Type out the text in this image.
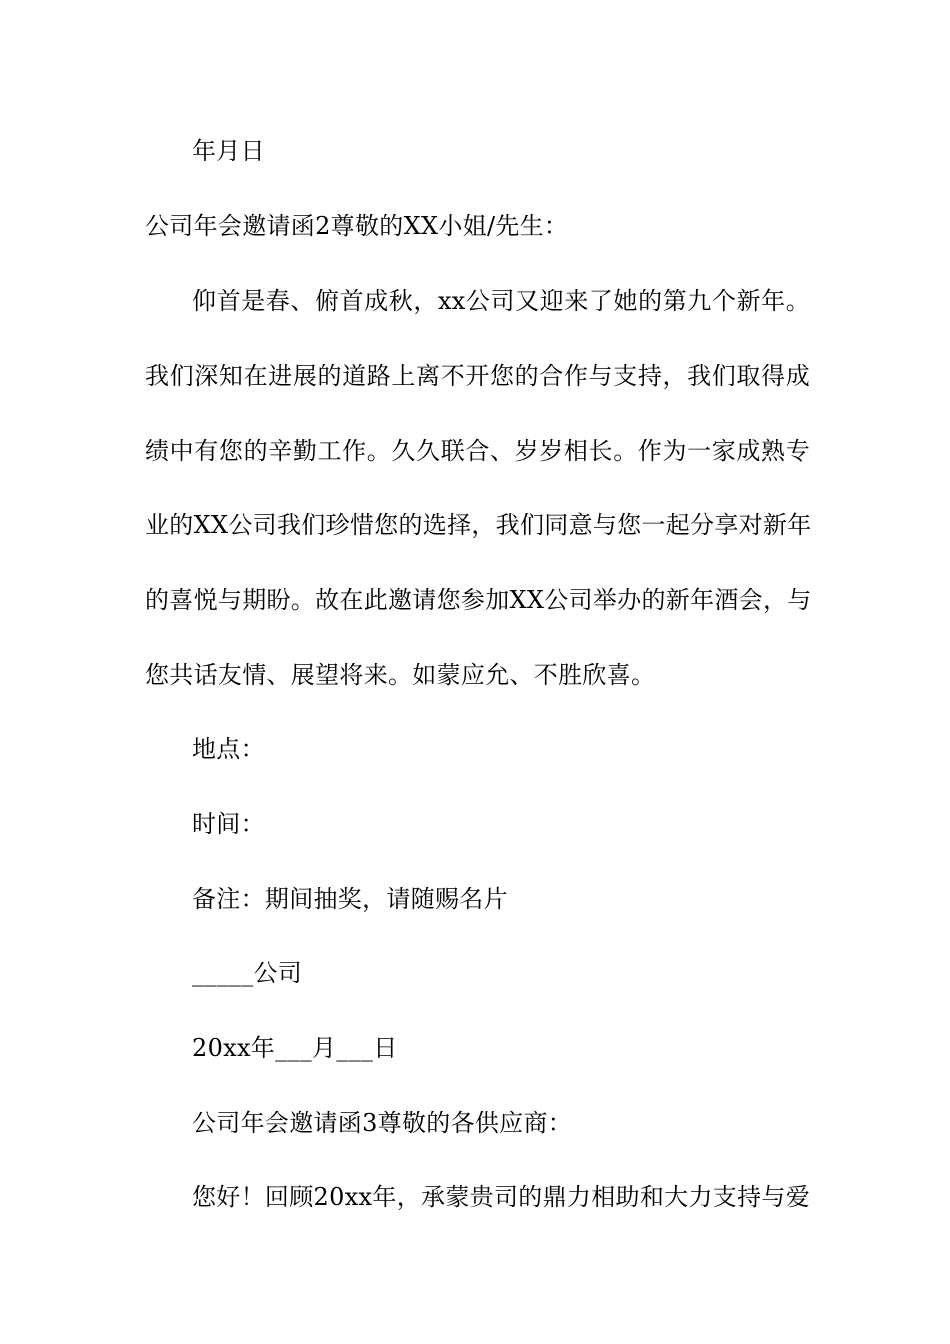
年月日
公司年会邀请函2尊敬的XX小姐/先生：
仰首是春、俯首成秋，xx公司又迎来了她的第九个新年。
我们深知在进展的道路上离不开您的合作与支持，我们取得成
绩中有您的辛勤工作。久久联合、岁岁相长。作为一家成熟专
业的XX公司我们珍惜您的选择，我们同意与您一起分享对新年
的喜悦与期盼。故在此邀请您参加XX公司举办的新年酒会，与
您共话友情、展望将来。如蒙应允、不胜欣喜。
地点：
时间：
备注：期间抽奖，请随赐名片
_____公司
20xx年___月___日
公司年会邀请函3尊敬的各供应商：
您好！回顾20xx年，承蒙贵司的鼎力相助和大力支持与爱
